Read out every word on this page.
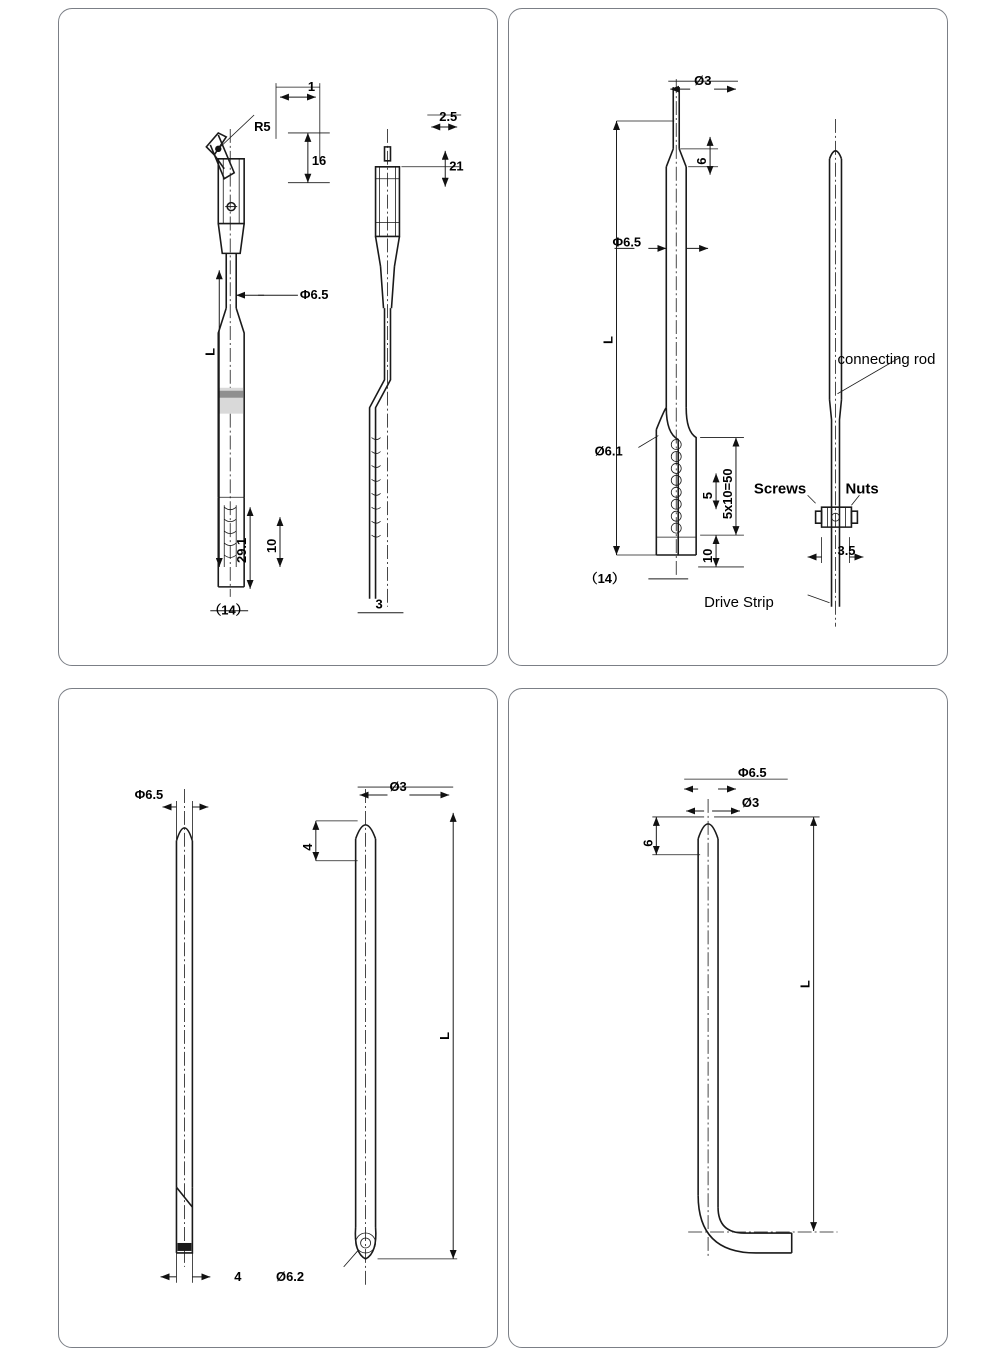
1
R5
16
Φ6.5
L
29.1 10
（14）
2.5
21
3
Ø3
6
Φ6.5
L
Ø6.1
5 5x10=50
10
（14）
connecting rod
Screws	Nuts
3.5
Drive Strip
Φ6.5
4
Ø3
4
L
Ø6.2
Φ6.5
Ø3
6
L
